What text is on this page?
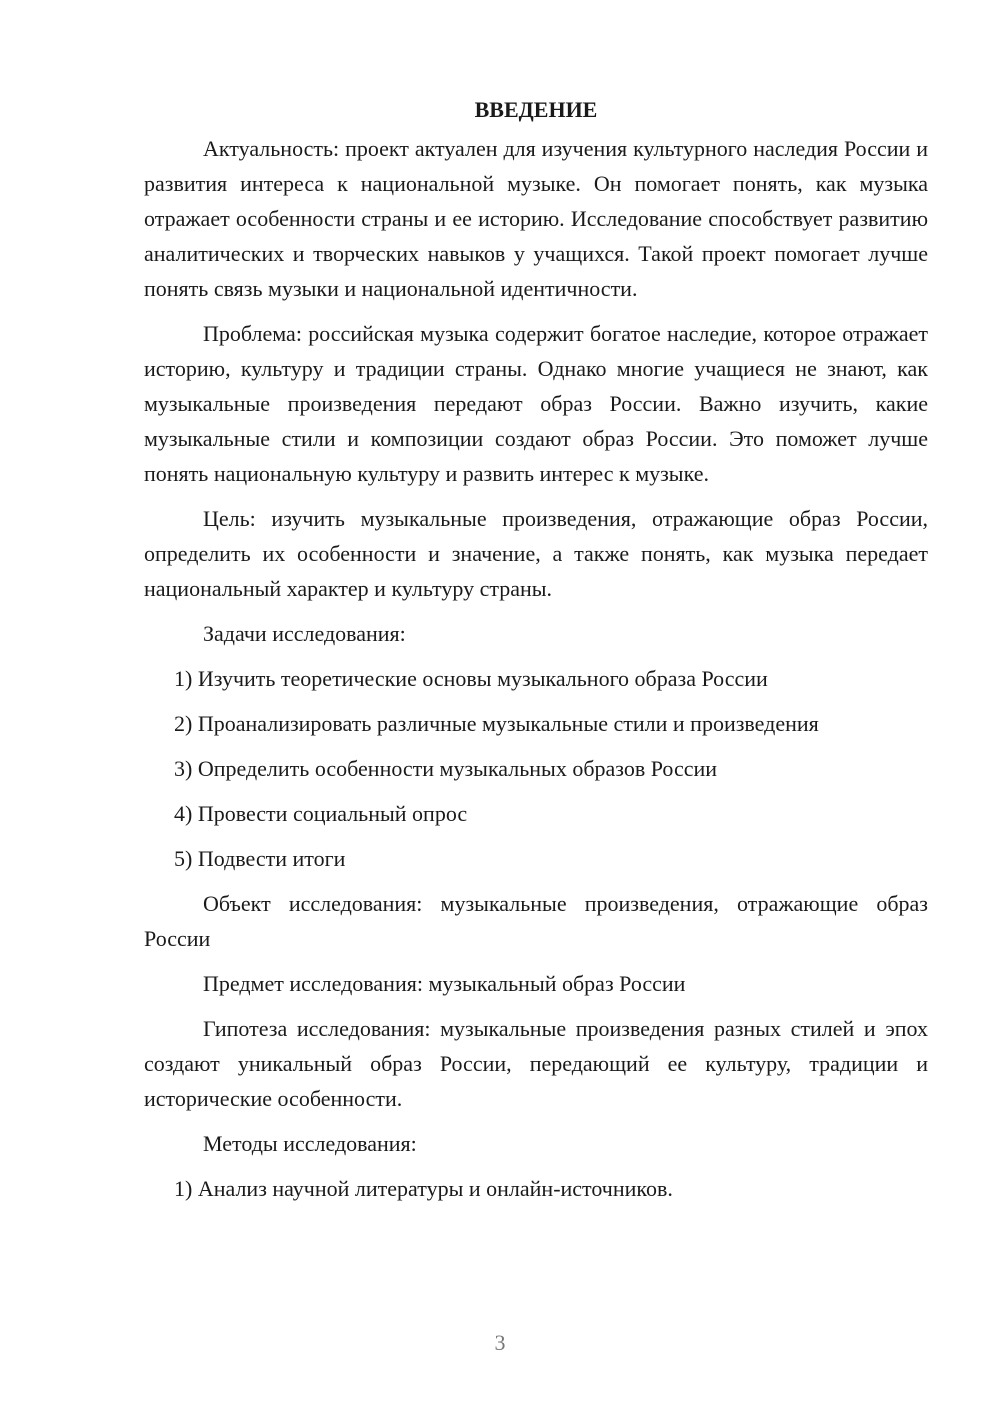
ВВЕДЕНИЕ

Актуальность: проект актуален для изучения культурного наследия России и развития интереса к национальной музыке. Он помогает понять, как музыка отражает особенности страны и ее историю. Исследование способствует развитию аналитических и творческих навыков у учащихся. Такой проект помогает лучше понять связь музыки и национальной идентичности.

Проблема: российская музыка содержит богатое наследие, которое отражает историю, культуру и традиции страны. Однако многие учащиеся не знают, как музыкальные произведения передают образ России. Важно изучить, какие музыкальные стили и композиции создают образ России. Это поможет лучше понять национальную культуру и развить интерес к музыке.

Цель: изучить музыкальные произведения, отражающие образ России, определить их особенности и значение, а также понять, как музыка передает национальный характер и культуру страны.

Задачи исследования:
1) Изучить теоретические основы музыкального образа России
2) Проанализировать различные музыкальные стили и произведения
3) Определить особенности музыкальных образов России
4) Провести социальный опрос
5) Подвести итоги

Объект исследования: музыкальные произведения, отражающие образ России

Предмет исследования: музыкальный образ России

Гипотеза исследования: музыкальные произведения разных стилей и эпох создают уникальный образ России, передающий ее культуру, традиции и исторические особенности.

Методы исследования:
1) Анализ научной литературы и онлайн-источников.
3
